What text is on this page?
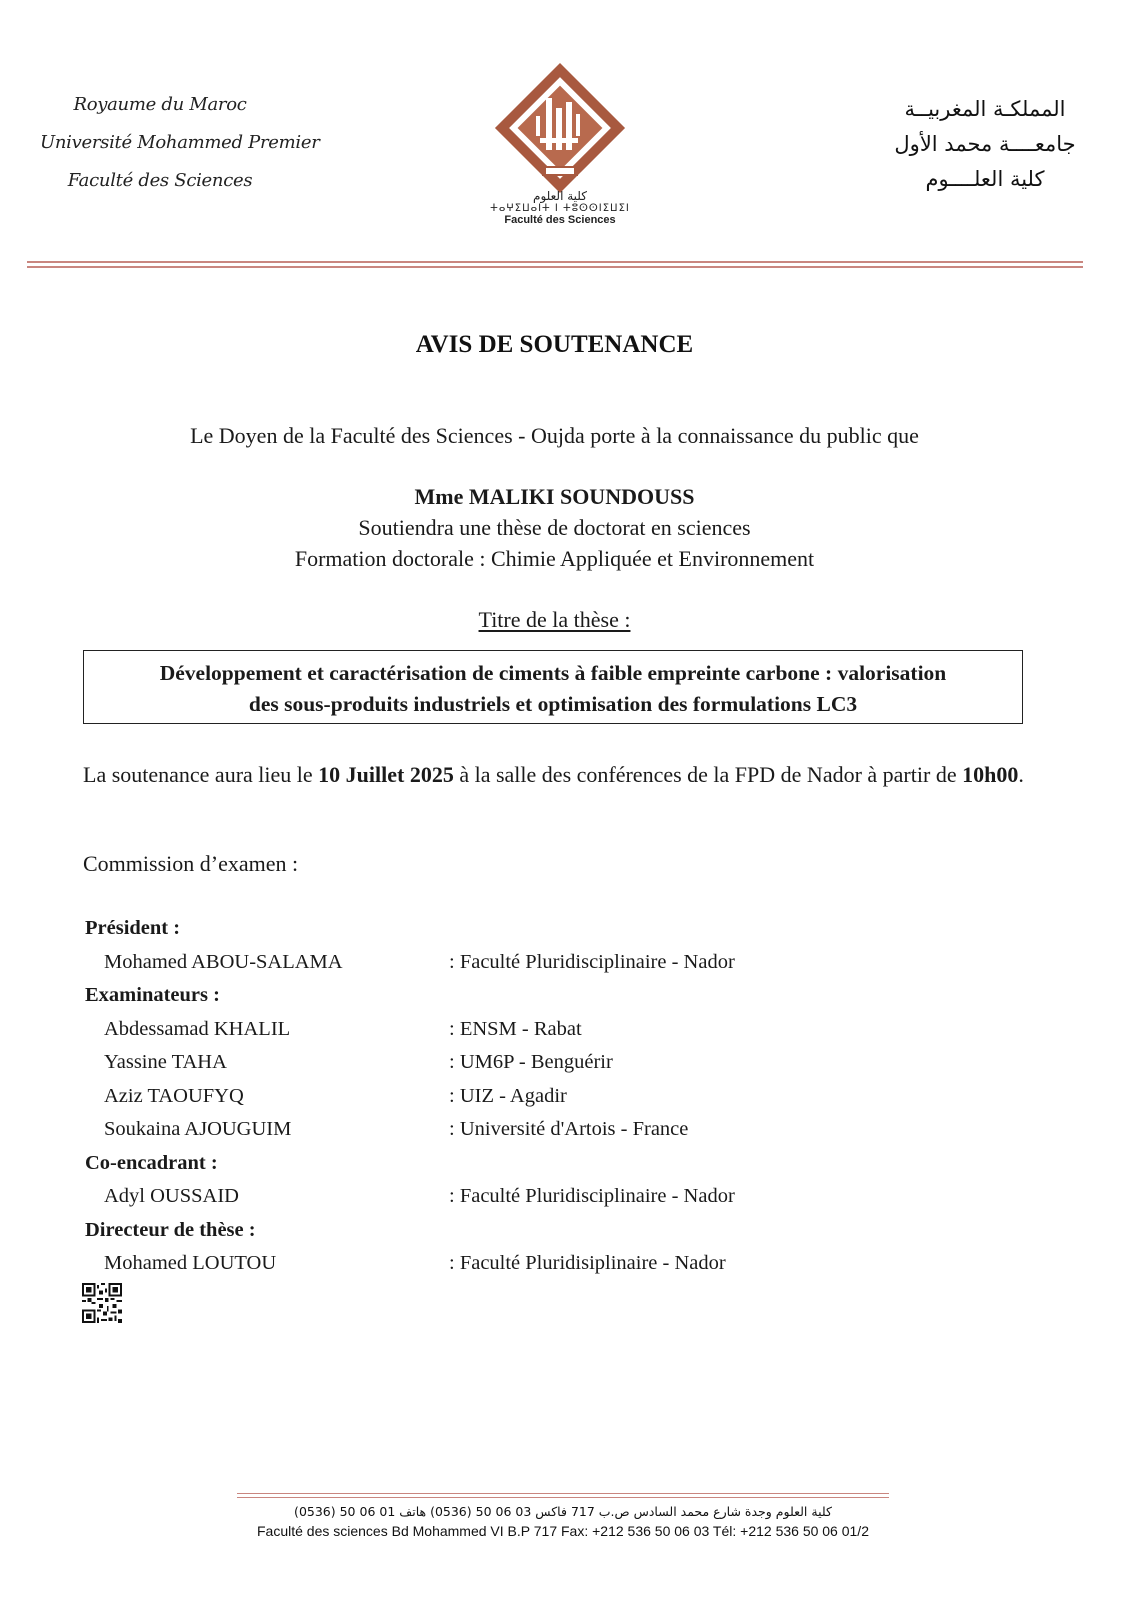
Royaume du Maroc
Université Mohammed Premier
Faculté des Sciences
كلية العلوم
ⵜⴰⵖⵉⵡⴰⵏⵜ ⵏ ⵜⵓⵙⵙⵏⵉⵡⵉⵏ
Faculté des Sciences
المملكـة المغربيــة
جامعــــة محمد الأول
كلية العلــــوم
AVIS DE SOUTENANCE
Le Doyen de la Faculté des Sciences - Oujda porte à la connaissance du public que
Mme MALIKI SOUNDOUSS
Soutiendra une thèse de doctorat en sciences
Formation doctorale : Chimie Appliquée et Environnement
Titre de la thèse :
Développement et caractérisation de ciments à faible empreinte carbone : valorisation
des sous-produits industriels et optimisation des formulations LC3
La soutenance aura lieu le 10 Juillet 2025 à la salle des conférences de la FPD de Nador à partir de 10h00.
Commission d’examen :
Président :
Mohamed ABOU-SALAMA	: Faculté Pluridisciplinaire - Nador
Examinateurs :
Abdessamad KHALIL	: ENSM - Rabat
Yassine TAHA	: UM6P - Benguérir
Aziz TAOUFYQ	: UIZ - Agadir
Soukaina AJOUGUIM	: Université d'Artois - France
Co-encadrant :
Adyl OUSSAID	: Faculté Pluridisciplinaire - Nador
Directeur de thèse :
Mohamed LOUTOU	: Faculté Pluridisiplinaire - Nador
كلية العلوم وجدة شارع محمد السادس ص.ب 717 فاكس 03 06 50 (0536) هاتف 01 06 50 (0536)
Faculté des sciences Bd Mohammed VI B.P 717 Fax: +212 536 50 06 03 Tél: +212 536 50 06 01/2
